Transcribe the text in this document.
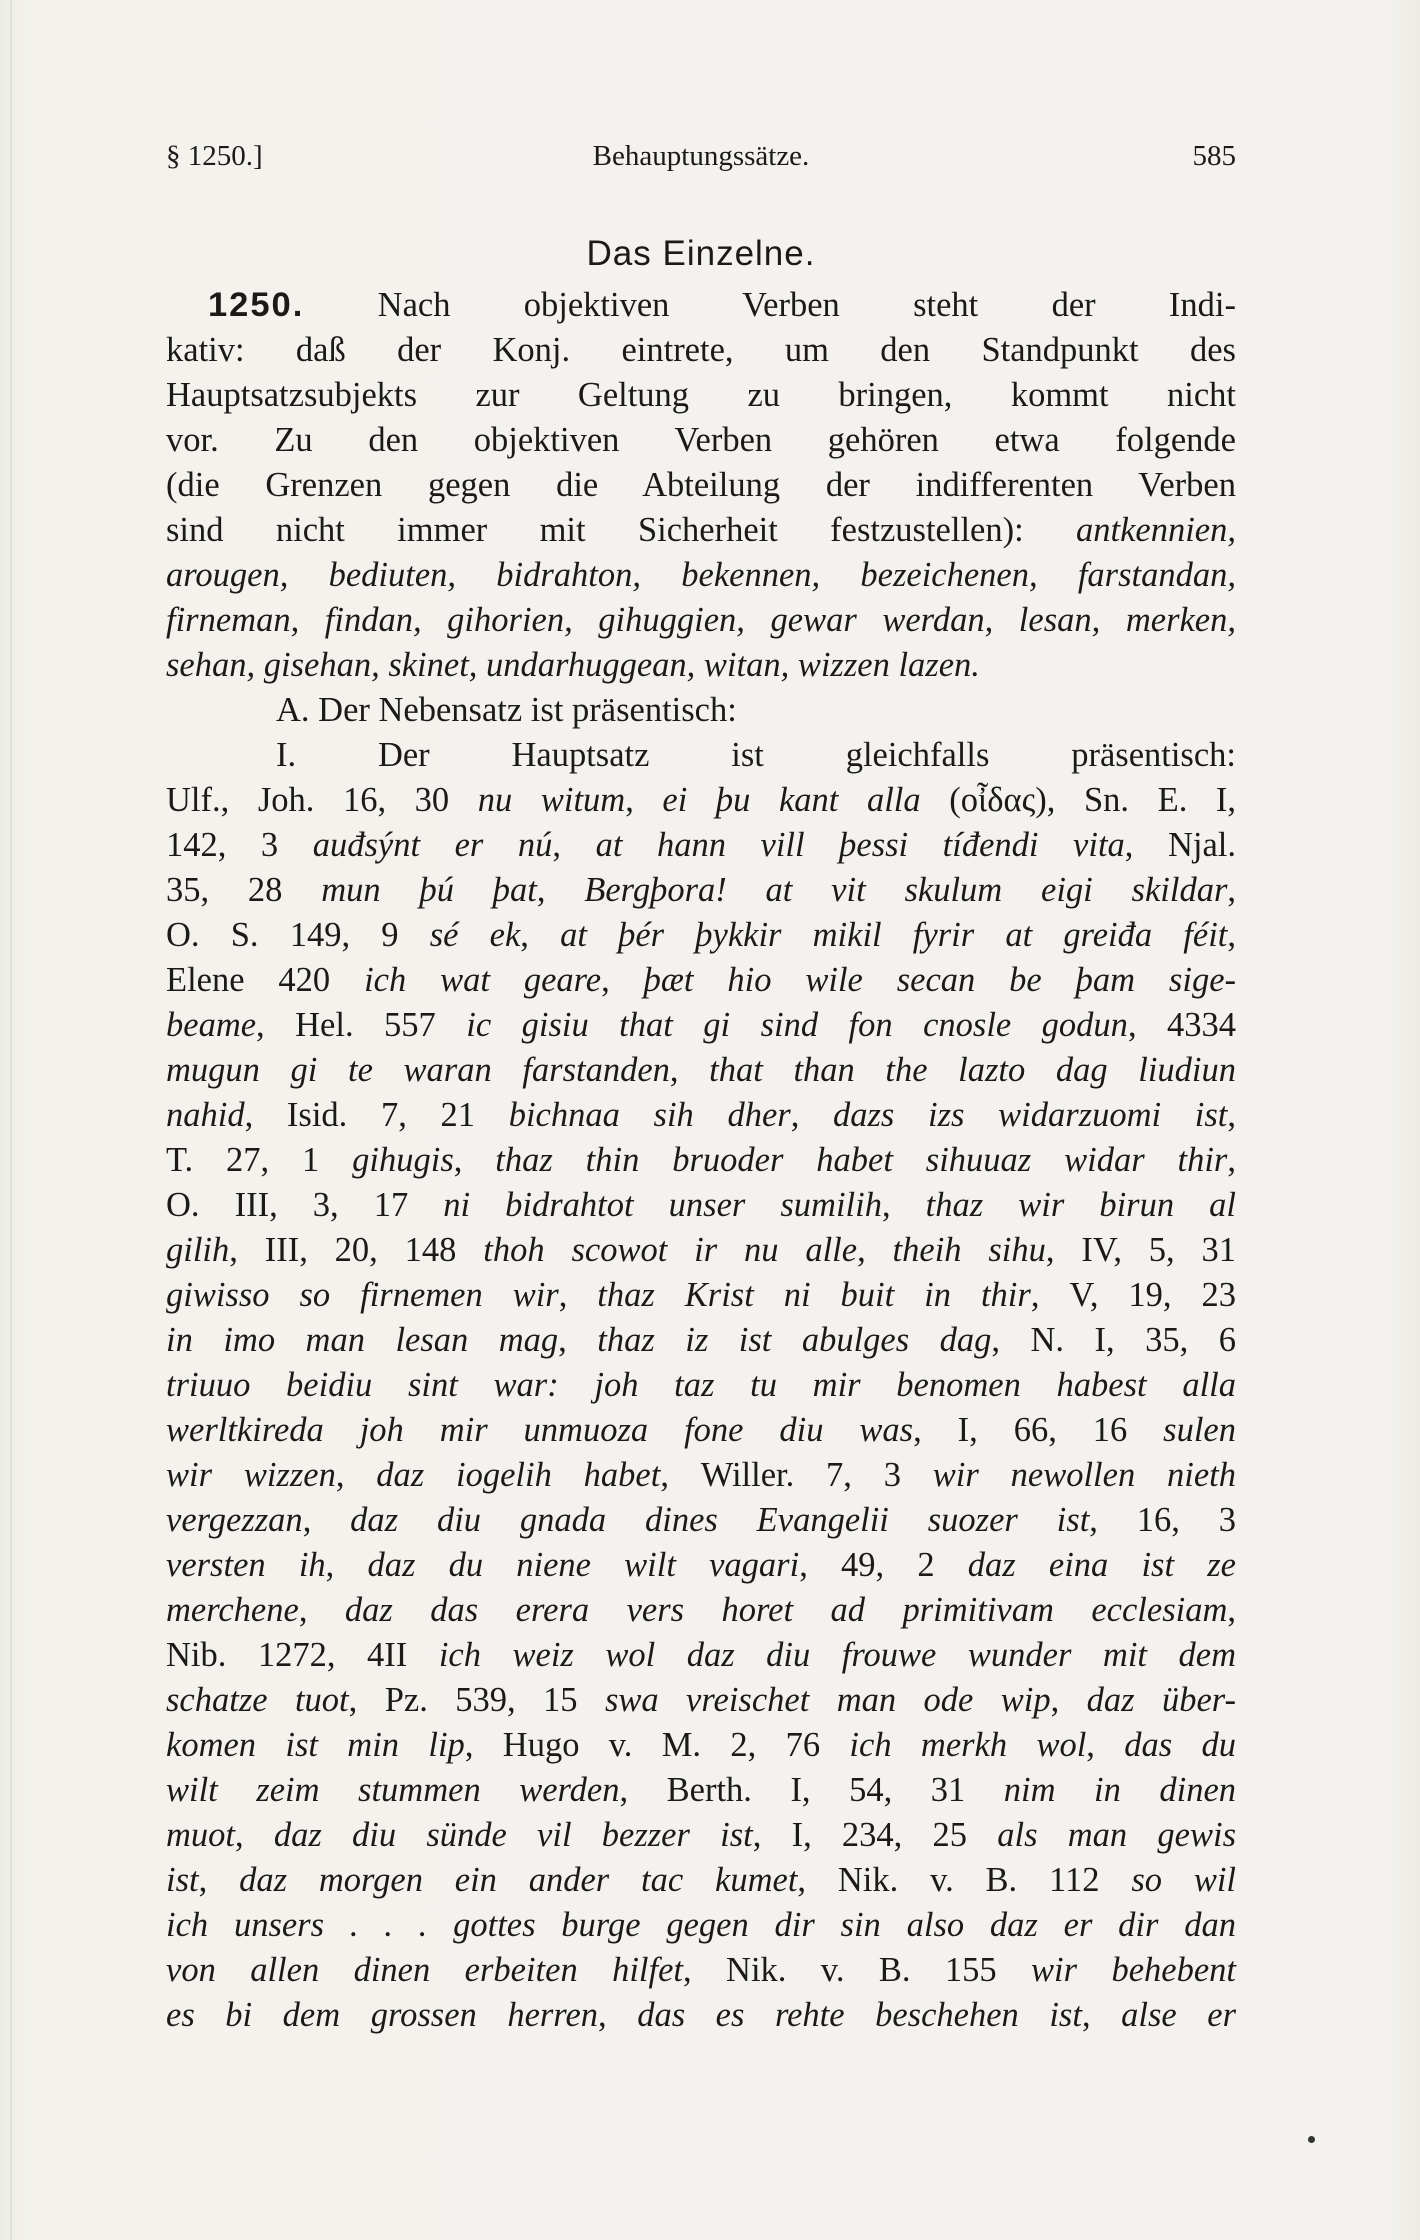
§ 1250.]	Behauptungssätze.	585
Das Einzelne.
1250. Nach objektiven Verben steht der Indi-
kativ: daß der Konj. eintrete, um den Standpunkt des
Hauptsatzsubjekts zur Geltung zu bringen, kommt nicht
vor. Zu den objektiven Verben gehören etwa folgende
(die Grenzen gegen die Abteilung der indifferenten Verben
sind nicht immer mit Sicherheit festzustellen): antkennien,
arougen, bediuten, bidrahton, bekennen, bezeichenen, farstandan,
firneman, findan, gihorien, gihuggien, gewar werdan, lesan, merken,
sehan, gisehan, skinet, undarhuggean, witan, wizzen lazen.
A. Der Nebensatz ist präsentisch:
I. Der Hauptsatz ist gleichfalls präsentisch:
Ulf., Joh. 16, 30 nu witum, ei þu kant alla (οἶδας), Sn. E. I,
142, 3 auđsýnt er nú, at hann vill þessi tíđendi vita, Njal.
35, 28 mun þú þat, Bergþora! at vit skulum eigi skildar,
O. S. 149, 9 sé ek, at þér þykkir mikil fyrir at greiđa féit,
Elene 420 ich wat geare, þæt hio wile secan be þam sige-
beame, Hel. 557 ic gisiu that gi sind fon cnosle godun, 4334
mugun gi te waran farstanden, that than the lazto dag liudiun
nahid, Isid. 7, 21 bichnaa sih dher, dazs izs widarzuomi ist,
T. 27, 1 gihugis, thaz thin bruoder habet sihuuaz widar thir,
O. III, 3, 17 ni bidrahtot unser sumilih, thaz wir birun al
gilih, III, 20, 148 thoh scowot ir nu alle, theih sihu, IV, 5, 31
giwisso so firnemen wir, thaz Krist ni buit in thir, V, 19, 23
in imo man lesan mag, thaz iz ist abulges dag, N. I, 35, 6
triuuo beidiu sint war: joh taz tu mir benomen habest alla
werltkireda joh mir unmuoza fone diu was, I, 66, 16 sulen
wir wizzen, daz iogelih habet, Willer. 7, 3 wir newollen nieth
vergezzan, daz diu gnada dines Evangelii suozer ist, 16, 3
versten ih, daz du niene wilt vagari, 49, 2 daz eina ist ze
merchene, daz das erera vers horet ad primitivam ecclesiam,
Nib. 1272, 4II ich weiz wol daz diu frouwe wunder mit dem
schatze tuot, Pz. 539, 15 swa vreischet man ode wip, daz über-
komen ist min lip, Hugo v. M. 2, 76 ich merkh wol, das du
wilt zeim stummen werden, Berth. I, 54, 31 nim in dinen
muot, daz diu sünde vil bezzer ist, I, 234, 25 als man gewis
ist, daz morgen ein ander tac kumet, Nik. v. B. 112 so wil
ich unsers . . . gottes burge gegen dir sin also daz er dir dan
von allen dinen erbeiten hilfet, Nik. v. B. 155 wir behebent
es bi dem grossen herren, das es rehte beschehen ist, alse er
